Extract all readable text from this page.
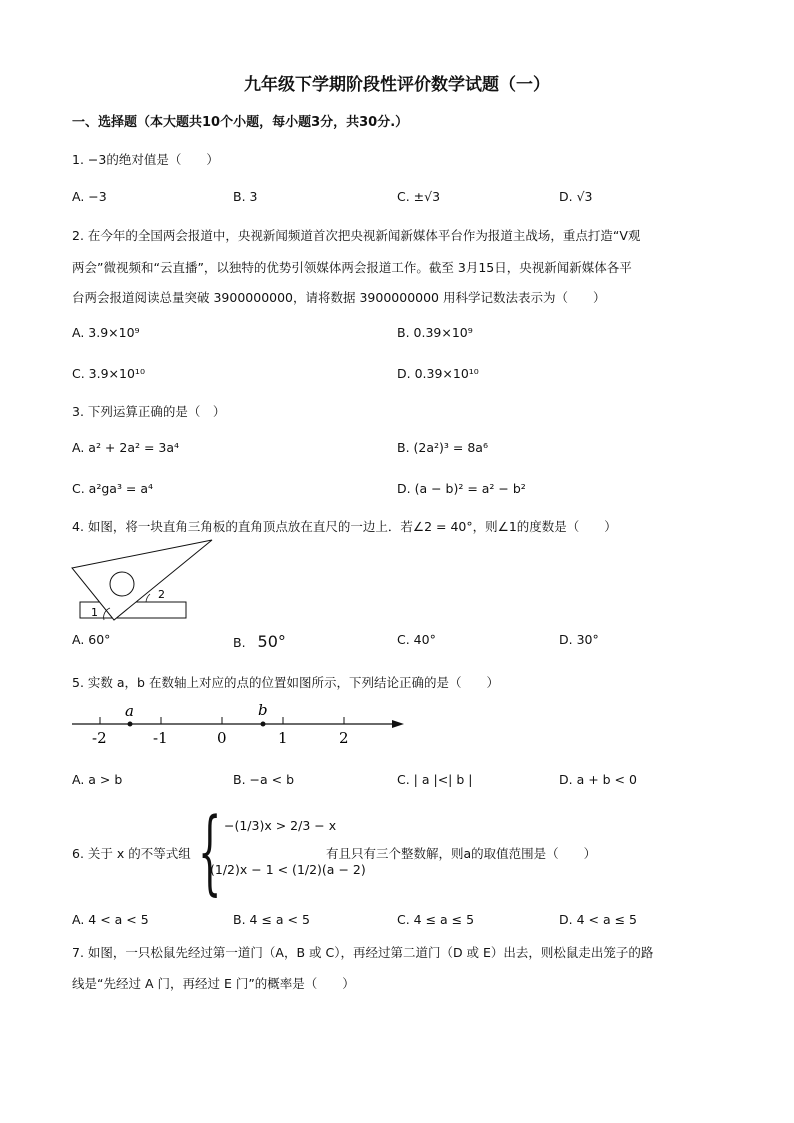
九年级下学期阶段性评价数学试题（一）
一、选择题（本大题共10个小题，每小题3分，共30分.）
1. −3的绝对值是（　　）
A. −3	B. 3	C. ±√3	D. √3
2. 在今年的全国两会报道中，央视新闻频道首次把央视新闻新媒体平台作为报道主战场，重点打造“V观
两会”微视频和“云直播”，以独特的优势引领媒体两会报道工作。截至 3月15日，央视新闻新媒体各平
台两会报道阅读总量突破 3900000000，请将数据 3900000000 用科学记数法表示为（　　）
A. 3.9×10⁹	B. 0.39×10⁹
C. 3.9×10¹⁰	D. 0.39×10¹⁰
3. 下列运算正确的是（　）
A. a² + 2a² = 3a⁴	B. (2a²)³ = 8a⁶
C. a²gа³ = a⁴	D. (a − b)² = a² − b²
4. 如图，将一块直角三角板的直角顶点放在直尺的一边上．若∠2 = 40°，则∠1的度数是（　　）
1
2
A. 60°	B. 50°	C. 40°	D. 30°
5. 实数 a，b 在数轴上对应的点的位置如图所示，下列结论正确的是（　　）
a	b
-2	-1	0	1	2
A. a > b	B. −a < b	C. | a |<| b |	D. a + b < 0
6. 关于 x 的不等式组 { −(1/3)x > 2/3 − x
(1/2)x − 1 < (1/2)(a − 2)
有且只有三个整数解，则a的取值范围是（　　）
A. 4 < a < 5	B. 4 ≤ a < 5	C. 4 ≤ a ≤ 5	D. 4 < a ≤ 5
7. 如图，一只松鼠先经过第一道门（A，B 或 C），再经过第二道门（D 或 E）出去，则松鼠走出笼子的路
线是“先经过 A 门，再经过 E 门”的概率是（　　）
